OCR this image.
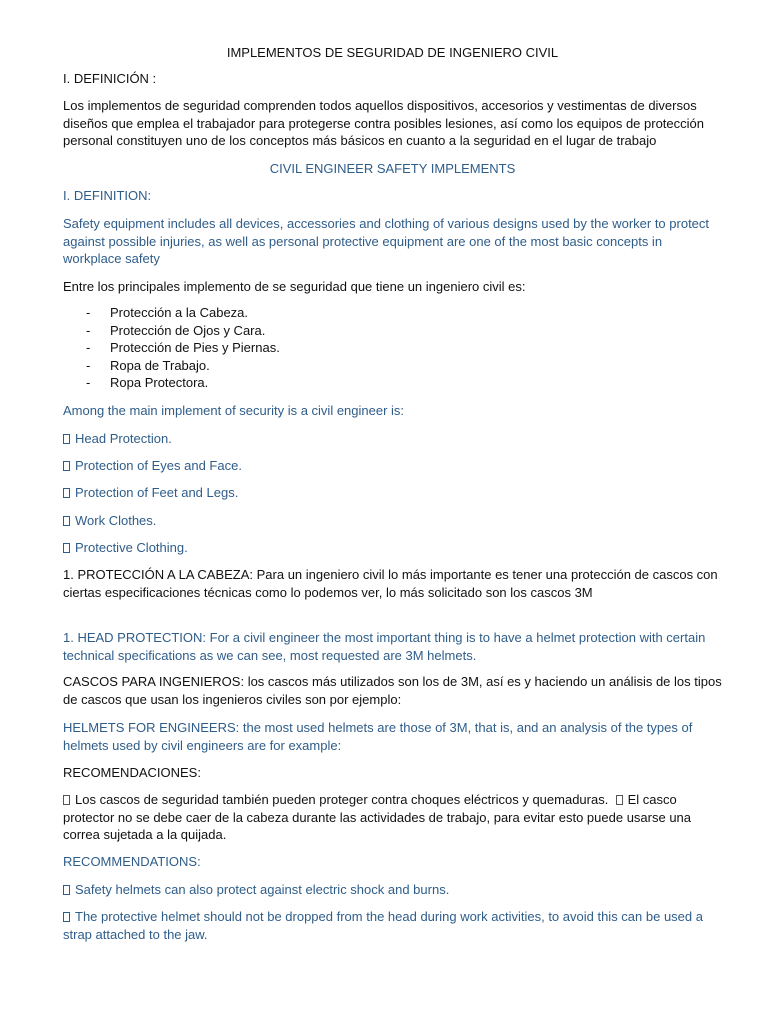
IMPLEMENTOS DE SEGURIDAD DE INGENIERO CIVIL
I. DEFINICIÓN :
Los implementos de seguridad comprenden todos aquellos dispositivos, accesorios y vestimentas de diversos diseños que emplea el trabajador para protegerse contra posibles lesiones, así como los equipos de protección personal constituyen uno de los conceptos más básicos en cuanto a la seguridad en el lugar de trabajo
CIVIL ENGINEER SAFETY IMPLEMENTS
I. DEFINITION:
Safety equipment includes all devices, accessories and clothing of various designs used by the worker to protect against possible injuries, as well as personal protective equipment are one of the most basic concepts in workplace safety
Entre los principales implemento de se seguridad que tiene un ingeniero civil es:
-	Protección a la Cabeza.
-	Protección de Ojos y Cara.
-	Protección de Pies y Piernas.
-	Ropa de Trabajo.
-	Ropa Protectora.
Among the main implement of security is a civil engineer is:
Head Protection.
Protection of Eyes and Face.
Protection of Feet and Legs.
Work Clothes.
Protective Clothing.
1. PROTECCIÓN A LA CABEZA: Para un ingeniero civil lo más importante es tener una protección de cascos con ciertas especificaciones técnicas como lo podemos ver, lo más solicitado son los cascos 3M
1. HEAD PROTECTION: For a civil engineer the most important thing is to have a helmet protection with certain technical specifications as we can see, most requested are 3M helmets.
CASCOS PARA INGENIEROS: los cascos más utilizados son los de 3M, así es y haciendo un análisis de los tipos de cascos que usan los ingenieros civiles son por ejemplo:
HELMETS FOR ENGINEERS: the most used helmets are those of 3M, that is, and an analysis of the types of helmets used by civil engineers are for example:
RECOMENDACIONES:
Los cascos de seguridad también pueden proteger contra choques eléctricos y quemaduras. El casco protector no se debe caer de la cabeza durante las actividades de trabajo, para evitar esto puede usarse una correa sujetada a la quijada.
RECOMMENDATIONS:
Safety helmets can also protect against electric shock and burns.
The protective helmet should not be dropped from the head during work activities, to avoid this can be used a strap attached to the jaw.
